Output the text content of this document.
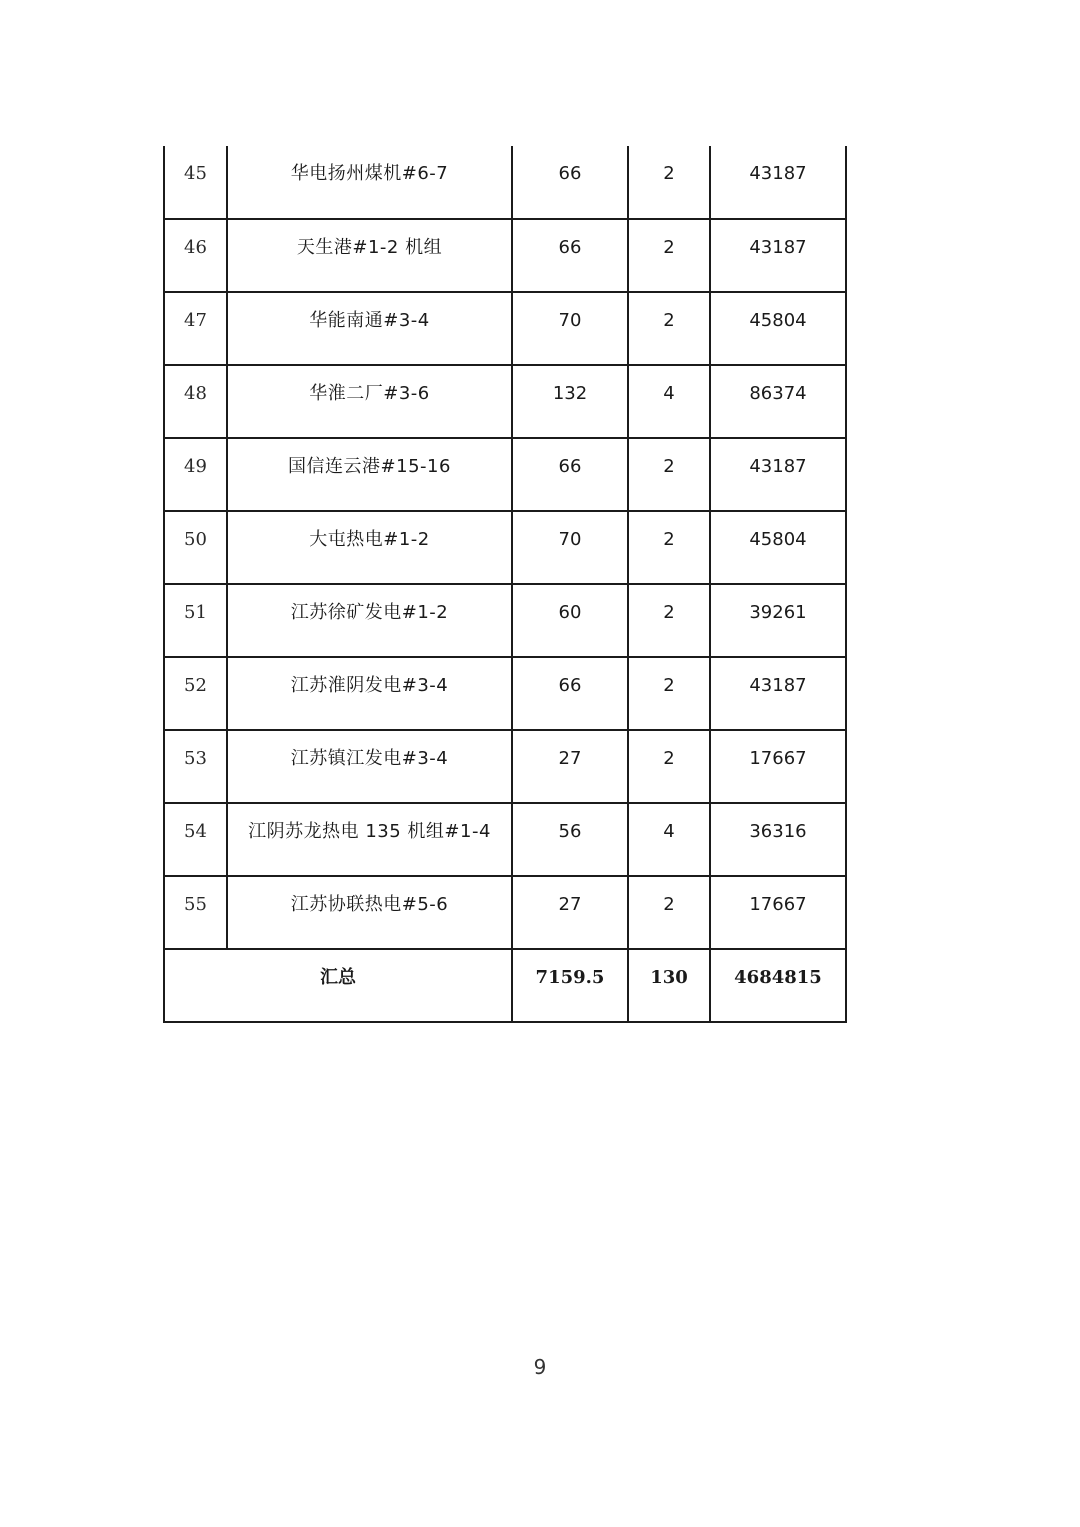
45	华电扬州煤机#6-7	66	2	43187
46	天生港#1-2 机组	66	2	43187
47	华能南通#3-4	70	2	45804
48	华淮二厂#3-6	132	4	86374
49	国信连云港#15-16	66	2	43187
50	大屯热电#1-2	70	2	45804
51	江苏徐矿发电#1-2	60	2	39261
52	江苏淮阴发电#3-4	66	2	43187
53	江苏镇江发电#3-4	27	2	17667
54	江阴苏龙热电 135 机组#1-4	56	4	36316
55	江苏协联热电#5-6	27	2	17667
汇总		7159.5	130	4684815
9
